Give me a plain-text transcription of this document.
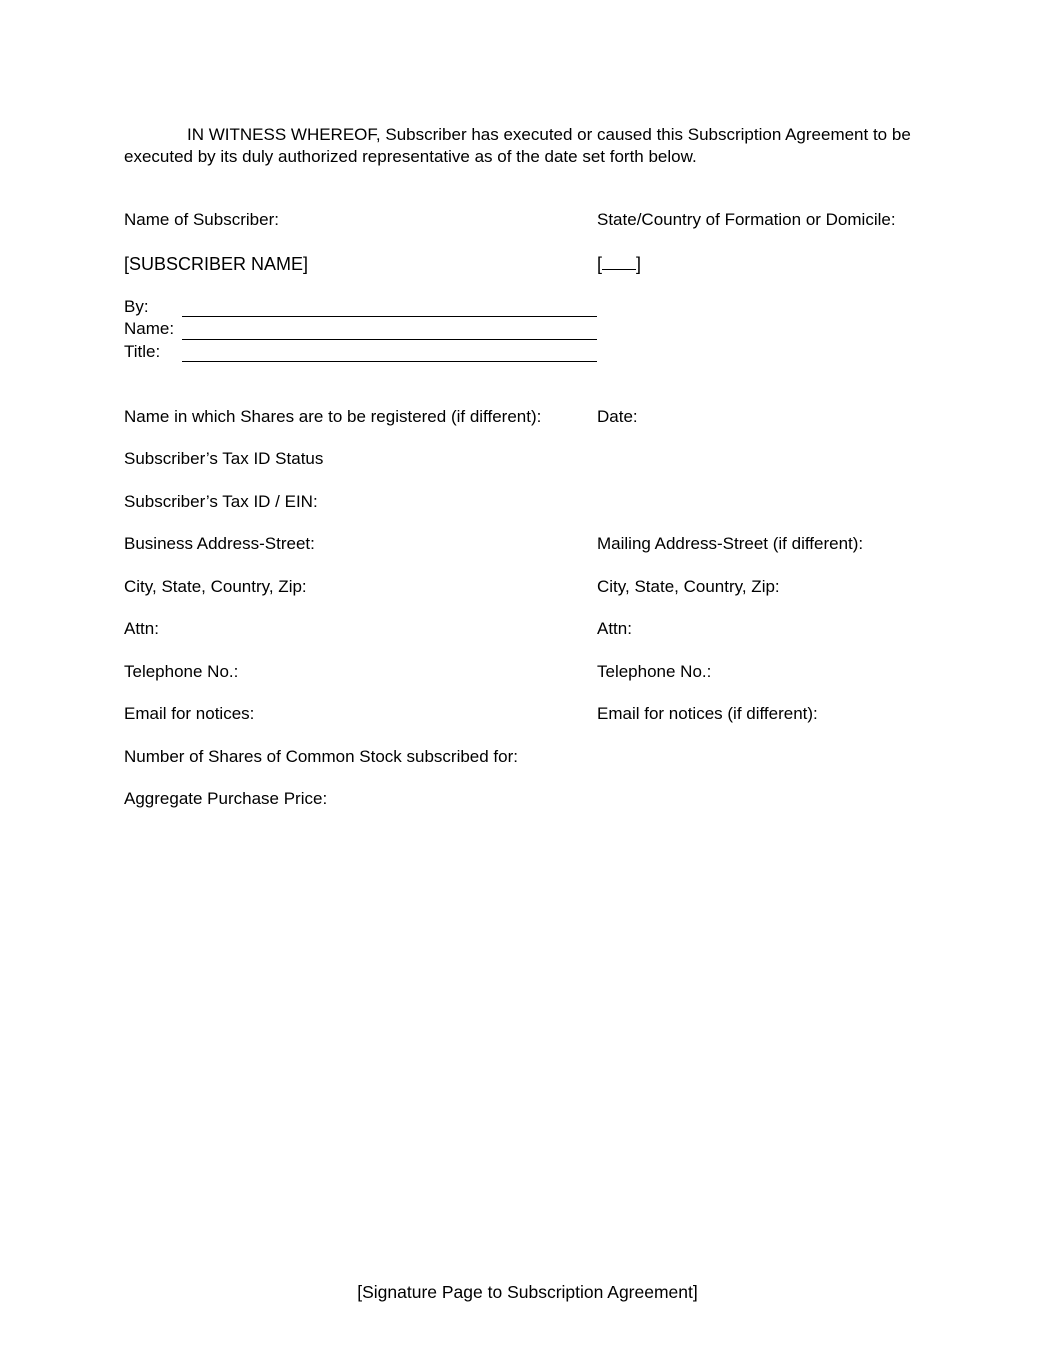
IN WITNESS WHEREOF, Subscriber has executed or caused this Subscription Agreement to be executed by its duly authorized representative as of the date set forth below.
Name of Subscriber:	State/Country of Formation or Domicile:
[SUBSCRIBER NAME]	[ ]
By:
Name:
Title:
Name in which Shares are to be registered (if different):	Date:
Subscriber’s Tax ID Status
Subscriber’s Tax ID / EIN:
Business Address-Street:	Mailing Address-Street (if different):
City, State, Country, Zip:	City, State, Country, Zip:
Attn:	Attn:
Telephone No.:	Telephone No.:
Email for notices:	Email for notices (if different):
Number of Shares of Common Stock subscribed for:
Aggregate Purchase Price:
[Signature Page to Subscription Agreement]
